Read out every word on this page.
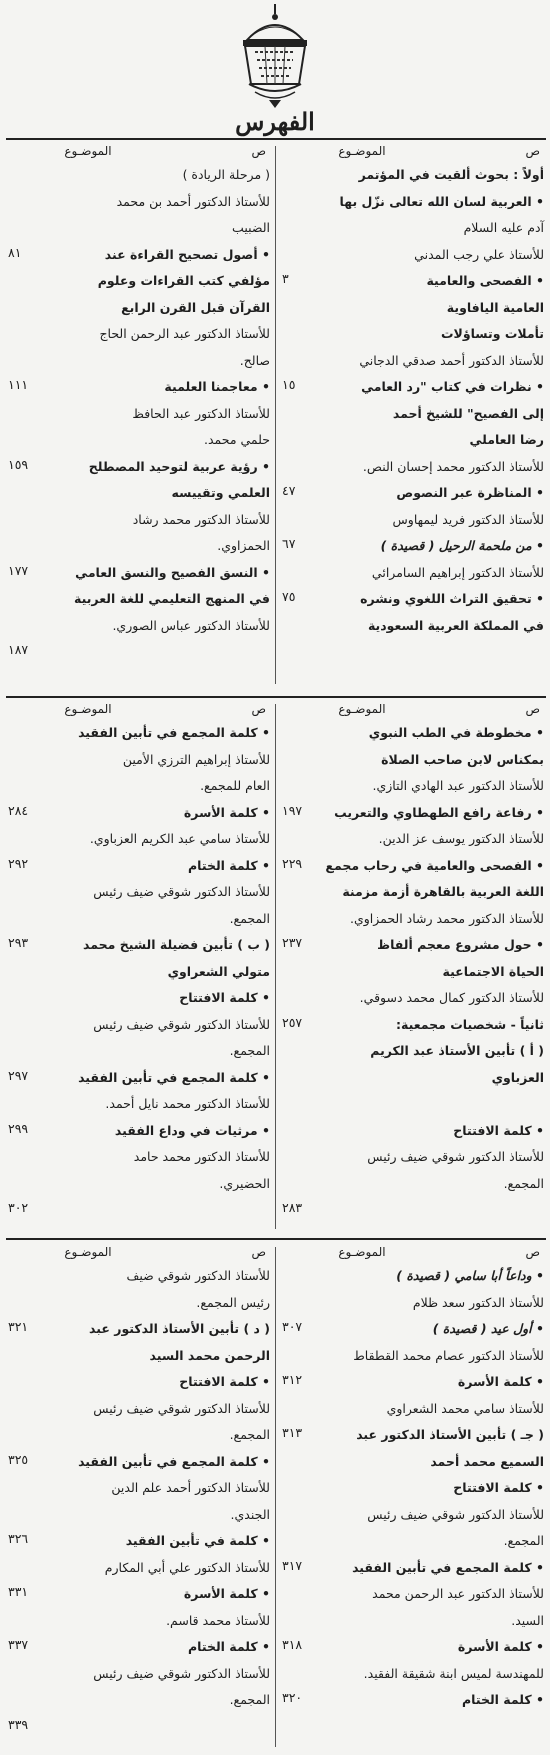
الفهرس
ص
الموضـوع
ص
الموضـوع
أولاً : بحوث ألقيت في المؤتمر
• العربية لسان الله تعالى نزّل بها
آدم عليه السلام
للأستاذ علي رجب المدني
٣	• الفصحى والعامية
العامية اليافاوية
تأملات وتساؤلات
للأستاذ الدكتور أحمد صدقي الدجاني
١٥	• نظرات في كتاب "رد العامي
إلى الفصيح" للشيخ أحمد
رضا العاملي
للأستاذ الدكتور محمد إحسان النص.
٤٧	• المناظرة عبر النصوص
للأستاذ الدكتور فريد ليمهاوس
٦٧	• من ملحمة الرحيل ( قصيدة )
للأستاذ الدكتور إبراهيم السامرائي
٧٥	• تحقيق التراث اللغوي ونشره
في المملكة العربية السعودية
( مرحلة الريادة )
للأستاذ الدكتور أحمد بن محمد
الضبيب
٨١	• أصول تصحيح القراءة عند
مؤلفي كتب القراءات وعلوم
القرآن قبل القرن الرابع
للأستاذ الدكتور عبد الرحمن الحاج
صالح.
١١١	• معاجمنا العلمية
للأستاذ الدكتور عبد الحافظ
حلمي محمد.
١٥٩	• رؤية عربية لتوحيد المصطلح
العلمي وتقييسه
للأستاذ الدكتور محمد رشاد
الحمزاوي.
١٧٧	• النسق الفصيح والنسق العامي
في المنهج التعليمي للغة العربية
للأستاذ الدكتور عباس الصوري.
١٨٧
ص
الموضـوع
ص
الموضـوع
• مخطوطة في الطب النبوي
بمكناس لابن صاحب الصلاة
للأستاذ الدكتور عبد الهادي التازي.
١٩٧	• رفاعة رافع الطهطاوي والتعريب
للأستاذ الدكتور يوسف عز الدين.
٢٢٩	• الفصحى والعامية في رحاب مجمع
اللغة العربية بالقاهرة أزمة مزمنة
للأستاذ الدكتور محمد رشاد الحمزاوي.
٢٣٧	• حول مشروع معجم ألفاظ
الحياة الاجتماعية
للأستاذ الدكتور كمال محمد دسوقي.
٢٥٧	ثانياً - شخصيات مجمعية:
( أ ) تأبين الأستاذ عبد الكريم
العزباوي
• كلمة الافتتاح
للأستاذ الدكتور شوقي ضيف رئيس
المجمع.
٢٨٣
• كلمة المجمع في تأبين الفقيد
للأستاذ إبراهيم الترزي الأمين
العام للمجمع.
٢٨٤	• كلمة الأسرة
للأستاذ سامي عبد الكريم العزباوي.
٢٩٢	• كلمة الختام
للأستاذ الدكتور شوقي ضيف رئيس
المجمع.
٢٩٣	( ب ) تأبين فضيلة الشيخ محمد
متولي الشعراوي
• كلمة الافتتاح
للأستاذ الدكتور شوقي ضيف رئيس
المجمع.
٢٩٧	• كلمة المجمع في تأبين الفقيد
للأستاذ الدكتور محمد نايل أحمد.
٢٩٩	• مرثيات في وداع الفقيد
للأستاذ الدكتور محمد حامد
الحضيري.
٣٠٢
ص
الموضـوع
ص
الموضـوع
• وداعاً أبا سامي ( قصيدة )
للأستاذ الدكتور سعد ظلام
٣٠٧	• أول عيد ( قصيدة )
للأستاذ الدكتور عصام محمد القطقاط
٣١٢	• كلمة الأسرة
للأستاذ سامي محمد الشعراوي
٣١٣	( جـ ) تأبين الأستاذ الدكتور عبد
السميع محمد أحمد
• كلمة الافتتاح
للأستاذ الدكتور شوقي ضيف رئيس
المجمع.
٣١٧	• كلمة المجمع في تأبين الفقيد
للأستاذ الدكتور عبد الرحمن محمد
السيد.
٣١٨	• كلمة الأسرة
للمهندسة لميس ابنة شقيقة الفقيد.
٣٢٠	• كلمة الختام
للأستاذ الدكتور شوقي ضيف
رئيس المجمع.
٣٢١	( د ) تأبين الأستاذ الدكتور عبد
الرحمن محمد السيد
• كلمة الافتتاح
للأستاذ الدكتور شوقي ضيف رئيس
المجمع.
٣٢٥	• كلمة المجمع في تأبين الفقيد
للأستاذ الدكتور أحمد علم الدين
الجندي.
٣٢٦	• كلمة في تأبين الفقيد
للأستاذ الدكتور علي أبي المكارم
٣٣١	• كلمة الأسرة
للأستاذ محمد قاسم.
٣٣٧	• كلمة الختام
للأستاذ الدكتور شوقي ضيف رئيس
المجمع.
٣٣٩
